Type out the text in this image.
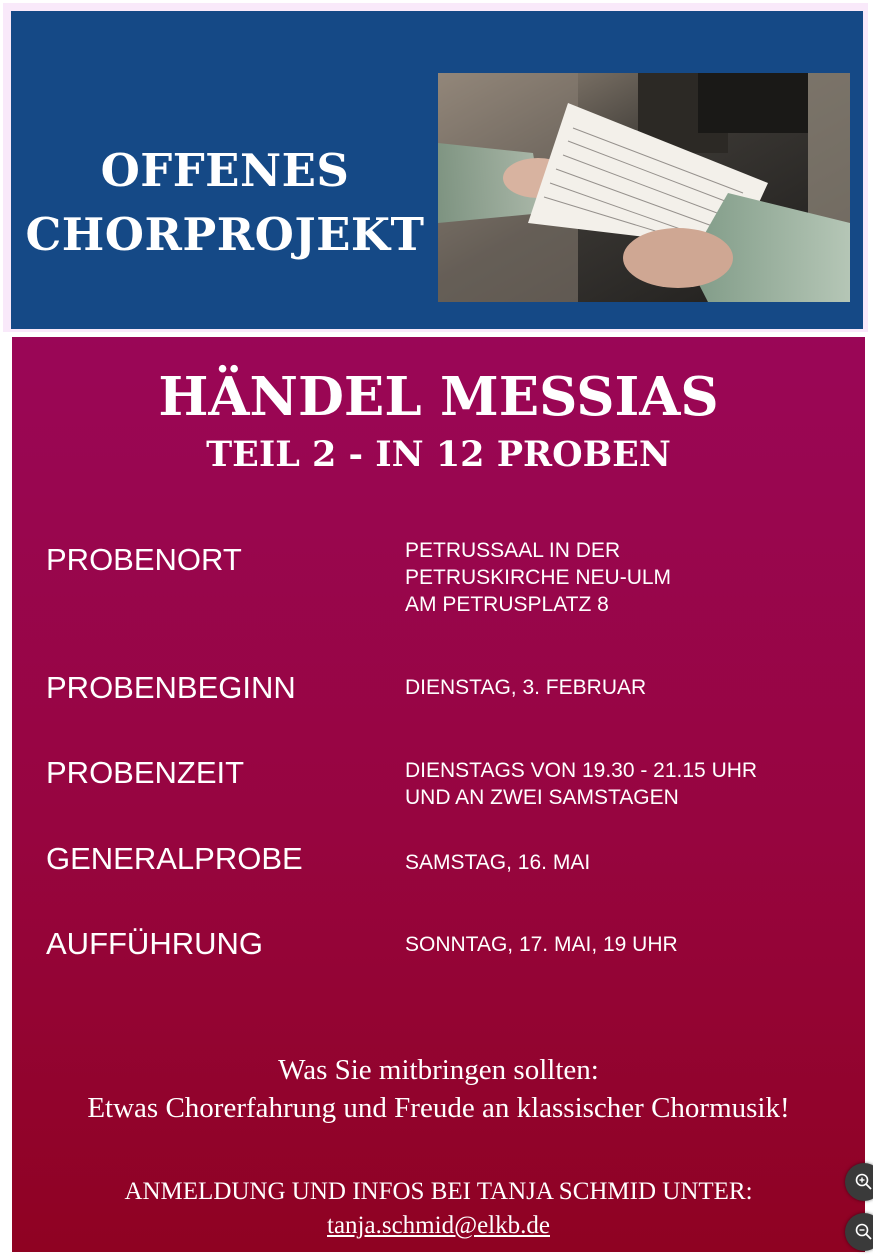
OFFENES
CHORPROJEKT
HÄNDEL MESSIAS
TEIL 2 - IN 12 PROBEN
PROBENORT	PETRUSSAAL IN DER
PETRUSKIRCHE NEU-ULM
AM PETRUSPLATZ 8
PROBENBEGINN	DIENSTAG, 3. FEBRUAR
PROBENZEIT	DIENSTAGS VON 19.30 - 21.15 UHR
UND AN ZWEI SAMSTAGEN
GENERALPROBE	SAMSTAG, 16. MAI
AUFFÜHRUNG	SONNTAG, 17. MAI, 19 UHR
Was Sie mitbringen sollten:
Etwas Chorerfahrung und Freude an klassischer Chormusik!
ANMELDUNG UND INFOS BEI TANJA SCHMID UNTER:
tanja.schmid@elkb.de
